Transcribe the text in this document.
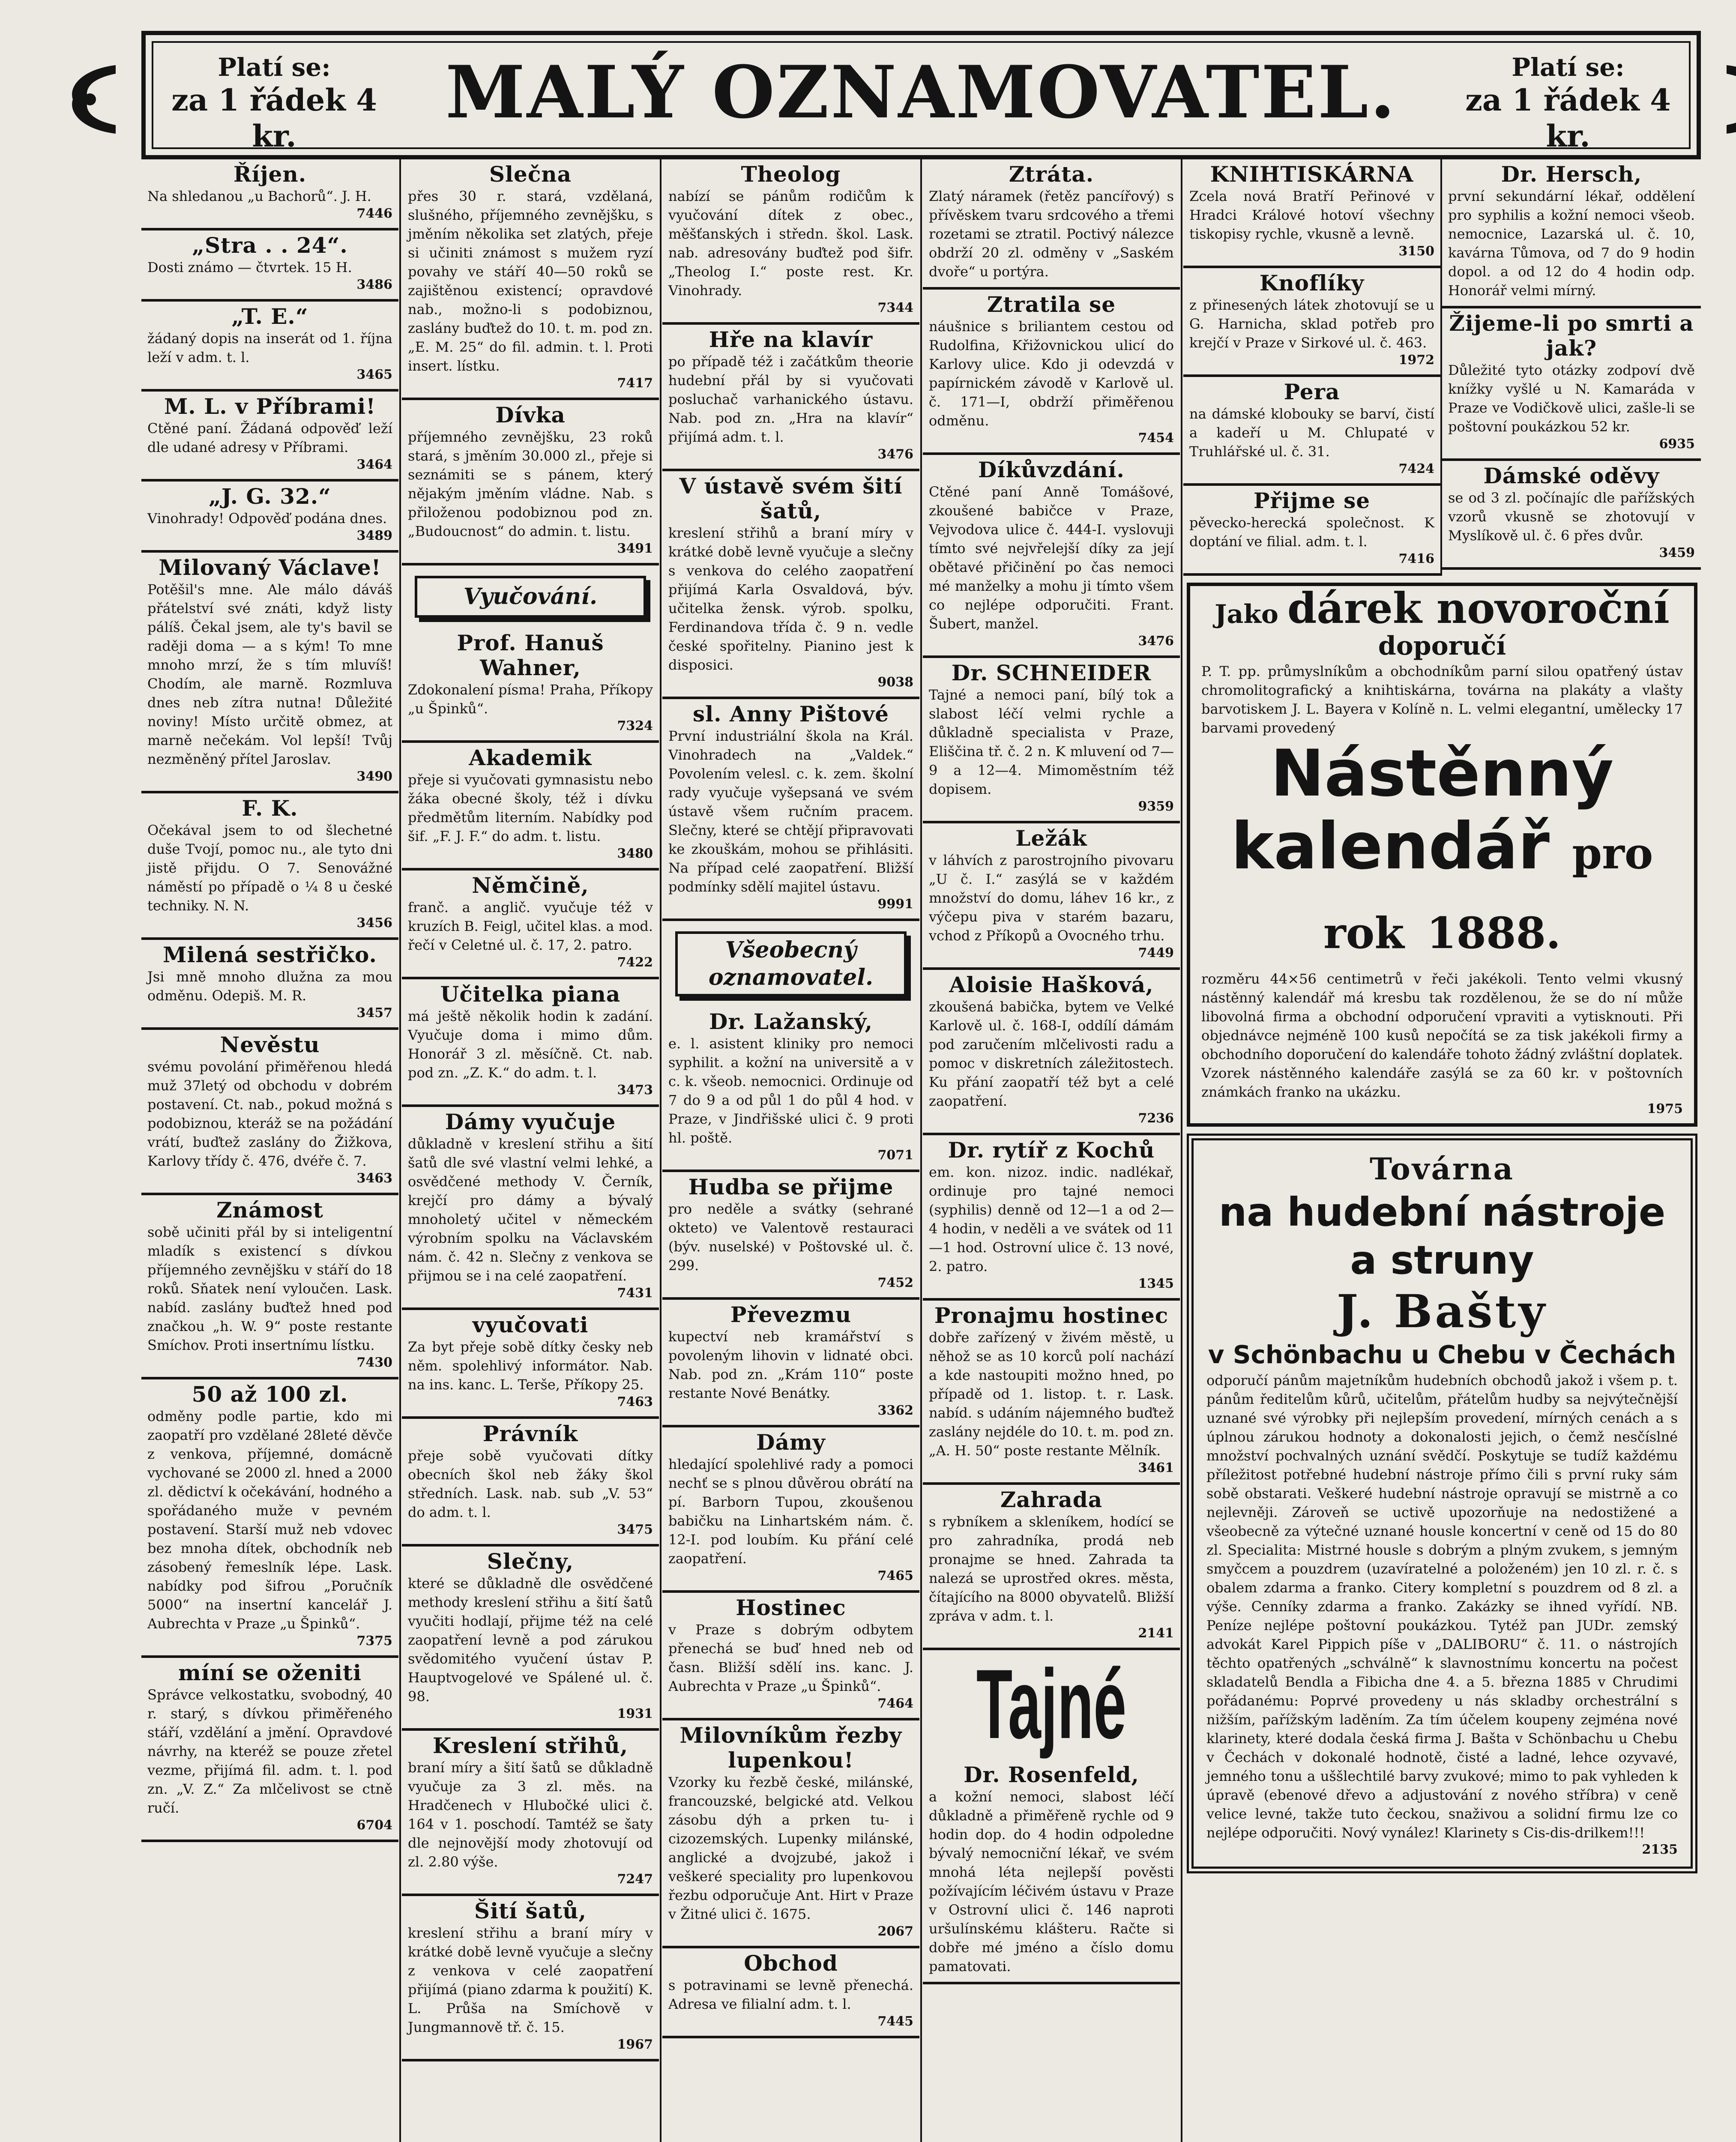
Platí se:
za 1 řádek 4 kr.
MALÝ OZNAMOVATEL.	Platí se:
za 1 řádek 4 kr.
Říjen.

Na shledanou „u Bachorů“. J. H.

7446
„Stra . . 24“.

Dosti známo — čtvrtek. 15 H.

3486
„T. E.“

žádaný dopis na inserát od 1. října leží v adm. t. l.

3465
M. L. v Příbrami!

Ctěné paní. Žádaná odpověď leží dle udané adresy v Příbrami.

3464
„J. G. 32.“

Vinohrady! Odpověď podána dnes.

3489
Milovaný Václave!

Potěšil's mne. Ale málo dáváš přátelství své znáti, když listy pálíš. Čekal jsem, ale ty's bavil se raději doma — a s kým! To mne mnoho mrzí, že s tím mluvíš! Chodím, ale marně. Rozmluva dnes neb zítra nutna! Důležité noviny! Místo určitě obmez, at marně nečekám. Vol lepší! Tvůj nezměněný přítel Jaroslav.

3490
F. K.

Očekával jsem to od šlechetné duše Tvojí, pomoc nu., ale tyto dni jistě přijdu. O 7. Senovážné náměstí po případě o ¼ 8 u české techniky. N. N.

3456
Milená sestřičko.

Jsi mně mnoho dlužna za mou odměnu. Odepiš. M. R.

3457
Nevěstu

svému povolání přiměřenou hledá muž 37letý od obchodu v dobrém postavení. Ct. nab., pokud možná s podobiznou, kteráž se na požádání vrátí, buďtež zaslány do Žižkova, Karlovy třídy č. 476, dvéře č. 7.

3463
Známost

sobě učiniti přál by si inteligentní mladík s existencí s dívkou příjemného zevnějšku v stáří do 18 roků. Sňatek není vyloučen. Lask. nabíd. zaslány buďtež hned pod značkou „h. W. 9“ poste restante Smíchov. Proti insertnímu lístku.

7430
50 až 100 zl.

odměny podle partie, kdo mi zaopatří pro vzdělané 28leté děvče z venkova, příjemné, domácně vychované se 2000 zl. hned a 2000 zl. dědictví k očekávání, hodného a spořádaného muže v pevném postavení. Starší muž neb vdovec bez mnoha dítek, obchodník neb zásobený řemeslník lépe. Lask. nabídky pod šifrou „Poručník 5000“ na insertní kancelář J. Aubrechta v Praze „u Špinků“.

7375
míní se oženiti

Správce velkostatku, svobodný, 40 r. starý, s dívkou přiměřeného stáří, vzdělání a jmění. Opravdové návrhy, na kteréž se pouze zřetel vezme, přijímá fil. adm. t. l. pod zn. „V. Z.“ Za mlčelivost se ctně ručí.

6704
Slečna

přes 30 r. stará, vzdělaná, slušného, příjemného zevnějšku, s jměním několika set zlatých, přeje si učiniti známost s mužem ryzí povahy ve stáří 40—50 roků se zajištěnou existencí; opravdové nab., možno-li s podobiznou, zaslány buďtež do 10. t. m. pod zn. „E. M. 25“ do fil. admin. t. l. Proti insert. lístku.

7417
Dívka

příjemného zevnějšku, 23 roků stará, s jměním 30.000 zl., přeje si seznámiti se s pánem, který nějakým jměním vládne. Nab. s přiloženou podobiznou pod zn. „Budoucnost“ do admin. t. listu.

3491
Vyučování.
Prof. Hanuš Wahner,

Zdokonalení písma! Praha, Příkopy „u Špinků“.

7324
Akademik

přeje si vyučovati gymnasistu nebo žáka obecné školy, též i dívku předmětům literním. Nabídky pod šif. „F. J. F.“ do adm. t. listu.

3480
Němčině,

franč. a anglič. vyučuje též v kruzích B. Feigl, učitel klas. a mod. řečí v Celetné ul. č. 17, 2. patro.

7422
Učitelka piana

má ještě několik hodin k zadání. Vyučuje doma i mimo dům. Honorář 3 zl. měsíčně. Ct. nab. pod zn. „Z. K.“ do adm. t. l.

3473
Dámy vyučuje

důkladně v kreslení střihu a šití šatů dle své vlastní velmi lehké, a osvědčené methody V. Černík, krejčí pro dámy a bývalý mnoholetý učitel v německém výrobním spolku na Václavském nám. č. 42 n. Slečny z venkova se přijmou se i na celé zaopatření.

7431
vyučovati

Za byt přeje sobě dítky česky neb něm. spolehlivý informátor. Nab. na ins. kanc. L. Terše, Příkopy 25.

7463
Právník

přeje sobě vyučovati dítky obecních škol neb žáky škol středních. Lask. nab. sub „V. 53“ do adm. t. l.

3475
Slečny,

které se důkladně dle osvědčené methody kreslení střihu a šití šatů vyučiti hodlají, přijme též na celé zaopatření levně a pod zárukou svědomitého vyučení ústav P. Hauptvogelové ve Spálené ul. č. 98.

1931
Kreslení střihů,

braní míry a šití šatů se důkladně vyučuje za 3 zl. měs. na Hradčenech v Hlubočké ulici č. 164 v 1. poschodí. Tamtéž se šaty dle nejnovější mody zhotovují od zl. 2.80 výše.

7247
Šití šatů,

kreslení střihu a braní míry v krátké době levně vyučuje a slečny z venkova v celé zaopatření přijímá (piano zdarma k použití) K. L. Průša na Smíchově v Jungmannově tř. č. 15.

1967
Theolog

nabízí se pánům rodičům k vyučování dítek z obec., měšťanských i středn. škol. Lask. nab. adresovány buďtež pod šifr. „Theolog I.“ poste rest. Kr. Vinohrady.

7344
Hře na klavír

po případě též i začátkům theorie hudební přál by si vyučovati posluchač varhanického ústavu. Nab. pod zn. „Hra na klavír“ přijímá adm. t. l.

3476
V ústavě svém šití šatů,

kreslení střihů a braní míry v krátké době levně vyučuje a slečny s venkova do celého zaopatření přijímá Karla Osvaldová, býv. učitelka žensk. výrob. spolku, Ferdinandova třída č. 9 n. vedle české spořitelny. Pianino jest k disposici.

9038
sl. Anny Pištové

První industriální škola na Král. Vinohradech na „Valdek.“ Povolením velesl. c. k. zem. školní rady vyučuje vyšepsaná ve svém ústavě všem ručním pracem. Slečny, které se chtějí připravovati ke zkouškám, mohou se přihlásiti. Na případ celé zaopatření. Bližší podmínky sdělí majitel ústavu.

9991
Všeobecný
oznamovatel.
Dr. Lažanský,

e. l. asistent kliniky pro nemoci syphilit. a kožní na universitě a v c. k. všeob. nemocnici. Ordinuje od 7 do 9 a od půl 1 do půl 4 hod. v Praze, v Jindřišské ulici č. 9 proti hl. poště.

7071
Hudba se přijme

pro neděle a svátky (sehrané okteto) ve Valentově restauraci (býv. nuselské) v Poštovské ul. č. 299.

7452
Převezmu

kupectví neb kramářství s povoleným lihovin v lidnaté obci. Nab. pod zn. „Krám 110“ poste restante Nové Benátky.

3362
Dámy

hledající spolehlivé rady a pomoci nechť se s plnou důvěrou obrátí na pí. Barborn Tupou, zkoušenou babičku na Linhartském nám. č. 12-I. pod loubím. Ku přání celé zaopatření.

7465
Hostinec

v Praze s dobrým odbytem přenechá se buď hned neb od časn. Bližší sdělí ins. kanc. J. Aubrechta v Praze „u Špinků“.

7464
Milovníkům řezby lupenkou!

Vzorky ku řezbě české, milánské, francouzské, belgické atd. Velkou zásobu dýh a prken tu- i cizozemských. Lupenky milánské, anglické a dvojzubé, jakož i veškeré speciality pro lupenkovou řezbu odporučuje Ant. Hirt v Praze v Žitné ulici č. 1675.

2067
Obchod

s potravinami se levně přenechá. Adresa ve filialní adm. t. l.

7445
Ztráta.

Zlatý náramek (řetěz pancířový) s přívěskem tvaru srdcového a třemi rozetami se ztratil. Poctivý nálezce obdrží 20 zl. odměny v „Saském dvoře“ u portýra.

Ztratila se

náušnice s briliantem cestou od Rudolfina, Křižovnickou ulicí do Karlovy ulice. Kdo ji odevzdá v papírnickém závodě v Karlově ul. č. 171—I, obdrží přiměřenou odměnu.

7454
Díkůvzdání.

Ctěné paní Anně Tomášové, zkoušené babičce v Praze, Vejvodova ulice č. 444-I. vyslovuji tímto své nejvřelejší díky za její obětavé přičinění po čas nemoci mé manželky a mohu ji tímto všem co nejlépe odporučiti. Frant. Šubert, manžel.

3476
Dr. SCHNEIDER

Tajné a nemoci paní, bílý tok a slabost léčí velmi rychle a důkladně specialista v Praze, Eliščina tř. č. 2 n. K mluvení od 7—9 a 12—4. Mimoměstním též dopisem.

9359
Ležák

v láhvích z parostrojního pivovaru „U č. I.“ zasýlá se v každém množství do domu, láhev 16 kr., z výčepu piva v starém bazaru, vchod z Příkopů a Ovocného trhu.

7449
Aloisie Hašková,

zkoušená babička, bytem ve Velké Karlově ul. č. 168-I, oddílí dámám pod zaručením mlčelivosti radu a pomoc v diskretních záležitostech. Ku přání zaopatří též byt a celé zaopatření.

7236
Dr. rytíř z Kochů

em. kon. nizoz. indic. nadlékař, ordinuje pro tajné nemoci (syphilis) denně od 12—1 a od 2—4 hodin, v neděli a ve svátek od 11—1 hod. Ostrovní ulice č. 13 nové, 2. patro.

1345
Pronajmu hostinec

dobře zařízený v živém městě, u něhož se as 10 korců polí nachází a kde nastoupiti možno hned, po případě od 1. listop. t. r. Lask. nabíd. s udáním nájemného buďtež zaslány nejdéle do 10. t. m. pod zn. „A. H. 50“ poste restante Mělník.

3461
Zahrada

s rybníkem a skleníkem, hodící se pro zahradníka, prodá neb pronajme se hned. Zahrada ta nalezá se uprostřed okres. města, čítajícího na 8000 obyvatelů. Bližší zpráva v adm. t. l.

2141
Tajné
Dr. Rosenfeld,

a kožní nemoci, slabost léčí důkladně a přiměřeně rychle od 9 hodin dop. do 4 hodin odpoledne bývalý nemocniční lékař, ve svém mnohá léta nejlepší pověsti požívajícím léčivém ústavu v Praze v Ostrovní ulici č. 146 naproti uršulínskému klášteru. Račte si dobře mé jméno a číslo domu pamatovati.

KNIHTISKÁRNA

Zcela nová Bratří Peřinové v Hradci Králové hotoví všechny tiskopisy rychle, vkusně a levně.

3150
Knoflíky

z přinesených látek zhotovují se u G. Harnicha, sklad potřeb pro krejčí v Praze v Sirkové ul. č. 463.

1972
Pera

na dámské klobouky se barví, čistí a kadeří u M. Chlupaté v Truhlářské ul. č. 31.

7424
Přijme se

pěvecko-herecká společnost. K doptání ve filial. adm. t. l.

7416
Dr. Hersch,

první sekundární lékař, oddělení pro syphilis a kožní nemoci všeob. nemocnice, Lazarská ul. č. 10, kavárna Tůmova, od 7 do 9 hodin dopol. a od 12 do 4 hodin odp. Honorář velmi mírný.

Žijeme-li po smrti a jak?

Důležité tyto otázky zodpoví dvě knížky vyšlé u N. Kamaráda v Praze ve Vodičkově ulici, zašle-li se poštovní poukázkou 52 kr.

6935
Dámské oděvy

se od 3 zl. počínajíc dle pařížských vzorů vkusně se zhotovují v Myslíkově ul. č. 6 přes dvůr.

3459
Jako dárek novoroční doporučí

P. T. pp. průmyslníkům a obchodníkům parní silou opatřený ústav chromolitografický a knihtiskárna, továrna na plakáty a vlašty barvotiskem J. L. Bayera v Kolíně n. L. velmi elegantní, umělecky 17 barvami provedený

Nástěnný kalendář pro rok 1888.

rozměru 44×56 centimetrů v řeči jakékoli. Tento velmi vkusný nástěnný kalendář má kresbu tak rozdělenou, že se do ní může libovolná firma a obchodní odporučení vpraviti a vytisknouti. Při objednávce nejméně 100 kusů nepočítá se za tisk jakékoli firmy a obchodního doporučení do kalendáře tohoto žádný zvláštní doplatek. Vzorek nástěnného kalendáře zasýlá se za 60 kr. v poštovních známkách franko na ukázku.

1975
Továrna
na hudební nástroje a struny
J. Bašty
v Schönbachu u Chebu v Čechách

odporučí pánům majetníkům hudebních obchodů jakož i všem p. t. pánům ředitelům kůrů, učitelům, přátelům hudby sa nejvýtečnější uznané své výrobky při nejlepším provedení, mírných cenách a s úplnou zárukou hodnoty a dokonalosti jejich, o čemž nesčíslné množství pochvalných uznání svědčí. Poskytuje se tudíž každému příležitost potřebné hudební nástroje přímo čili s první ruky sám sobě obstarati. Veškeré hudební nástroje opravují se mistrně a co nejlevněji. Zároveň se uctivě upozorňuje na nedostižené a všeobecně za výtečné uznané housle koncertní v ceně od 15 do 80 zl. Specialita: Mistrné housle s dobrým a plným zvukem, s jemným smyčcem a pouzdrem (uzavíratelné a položeném) jen 10 zl. r. č. s obalem zdarma a franko. Citery kompletní s pouzdrem od 8 zl. a výše. Cenníky zdarma a franko. Zakázky se ihned vyřídí. NB. Peníze nejlépe poštovní poukázkou. Tytéž pan JUDr. zemský advokát Karel Pippich píše v „DALIBORU“ č. 11. o nástrojích těchto opatřených „schválně“ k slavnostnímu koncertu na počest skladatelů Bendla a Fibicha dne 4. a 5. března 1885 v Chrudimi pořádanému: Poprvé provedeny u nás skladby orchestrální s nižším, pařížským laděním. Za tím účelem koupeny zejména nové klarinety, které dodala česká firma J. Bašta v Schönbachu u Chebu v Čechách v dokonalé hodnotě, čisté a ladné, lehce ozyvavé, jemného tonu a uššlechtilé barvy zvukové; mimo to pak vyhleden k úpravě (ebenové dřevo a adjustování z nového stříbra) v ceně velice levné, takže tuto čeckou, snaživou a solidní firmu lze co nejlépe odporučiti. Nový vynález! Klarinety s Cis-dis-drilkem!!!

2135
